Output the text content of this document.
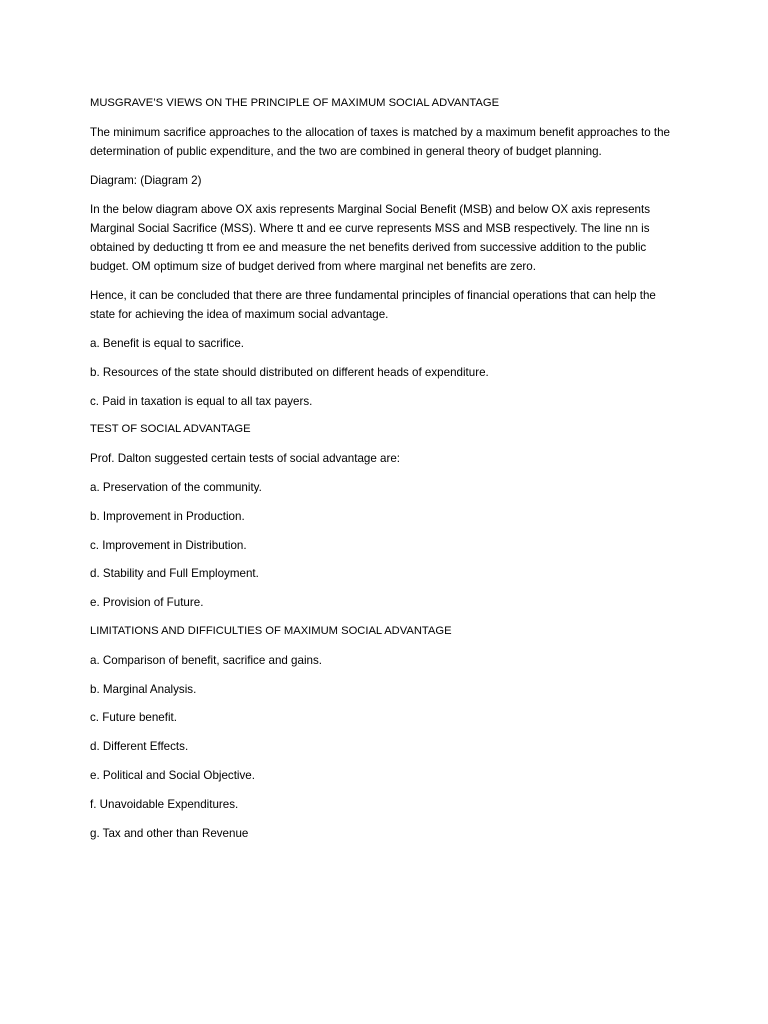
MUSGRAVE’S VIEWS ON THE PRINCIPLE OF MAXIMUM SOCIAL ADVANTAGE

The minimum sacrifice approaches to the allocation of taxes is matched by a maximum benefit approaches to the determination of public expenditure, and the two are combined in general theory of budget planning.

Diagram: (Diagram 2)

In the below diagram above OX axis represents Marginal Social Benefit (MSB) and below OX axis represents Marginal Social Sacrifice (MSS). Where tt and ee curve represents MSS and MSB respectively. The line nn is obtained by deducting tt from ee and measure the net benefits derived from successive addition to the public budget. OM optimum size of budget derived from where marginal net benefits are zero.

Hence, it can be concluded that there are three fundamental principles of financial operations that can help the state for achieving the idea of maximum social advantage.

a. Benefit is equal to sacrifice.

b. Resources of the state should distributed on different heads of expenditure.

c. Paid in taxation is equal to all tax payers.

TEST OF SOCIAL ADVANTAGE

Prof. Dalton suggested certain tests of social advantage are:

a. Preservation of the community.

b. Improvement in Production.

c. Improvement in Distribution.

d. Stability and Full Employment.

e. Provision of Future.

LIMITATIONS AND DIFFICULTIES OF MAXIMUM SOCIAL ADVANTAGE

a. Comparison of benefit, sacrifice and gains.

b. Marginal Analysis.

c. Future benefit.

d. Different Effects.

e. Political and Social Objective.

f. Unavoidable Expenditures.

g. Tax and other than Revenue
